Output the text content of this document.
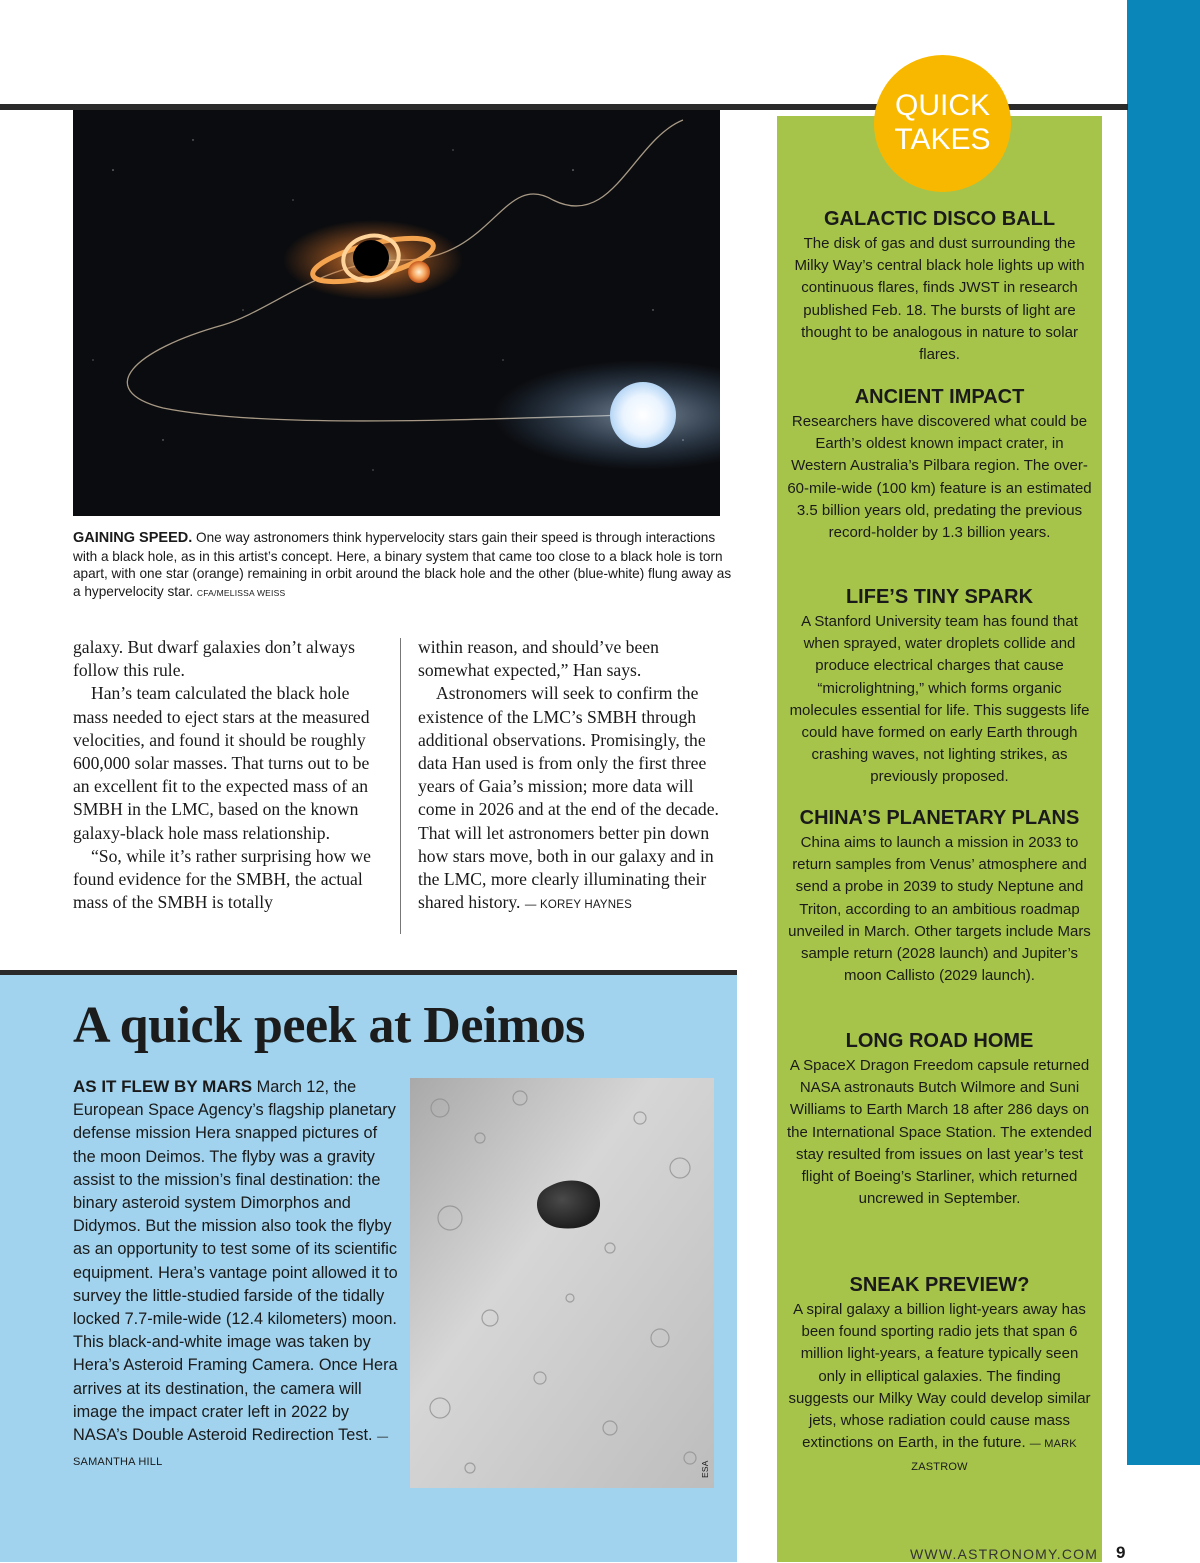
QUICK
TAKES
GALACTIC DISCO BALL

The disk of gas and dust surrounding the Milky Way’s central black hole lights up with continuous flares, finds JWST in research published Feb. 18. The bursts of light are thought to be analogous in nature to solar flares.

ANCIENT IMPACT

Researchers have discovered what could be Earth’s oldest known impact crater, in Western Australia’s Pilbara region. The over-60-mile-wide (100 km) feature is an estimated 3.5 billion years old, predating the previous record-holder by 1.3 billion years.

LIFE’S TINY SPARK

A Stanford University team has found that when sprayed, water droplets collide and produce electrical charges that cause “microlightning,” which forms organic molecules essential for life. This suggests life could have formed on early Earth through crashing waves, not lighting strikes, as previously proposed.

CHINA’S PLANETARY PLANS

China aims to launch a mission in 2033 to return samples from Venus’ atmosphere and send a probe in 2039 to study Neptune and Triton, according to an ambitious roadmap unveiled in March. Other targets include Mars sample return (2028 launch) and Jupiter’s moon Callisto (2029 launch).

LONG ROAD HOME

A SpaceX Dragon Freedom capsule returned NASA astronauts Butch Wilmore and Suni Williams to Earth March 18 after 286 days on the International Space Station. The extended stay resulted from issues on last year’s test flight of Boeing’s Starliner, which returned uncrewed in September.

SNEAK PREVIEW?

A spiral galaxy a billion light-years away has been found sporting radio jets that span 6 million light-years, a feature typically seen only in elliptical galaxies. The finding suggests our Milky Way could develop similar jets, whose radiation could cause mass extinctions on Earth, in the future. — MARK ZASTROW

GAINING SPEED. One way astronomers think hypervelocity stars gain their speed is through interactions with a black hole, as in this artist’s concept. Here, a binary system that came too close to a black hole is torn apart, with one star (orange) remaining in orbit around the black hole and the other (blue-white) flung away as a hypervelocity star. CFA/MELISSA WEISS

galaxy. But dwarf galaxies don’t always follow this rule.

Han’s team calculated the black hole mass needed to eject stars at the measured velocities, and found it should be roughly 600,000 solar masses. That turns out to be an excellent fit to the expected mass of an SMBH in the LMC, based on the known galaxy-black hole mass relationship.

“So, while it’s rather surprising how we found evidence for the SMBH, the actual mass of the SMBH is totally

within reason, and should’ve been somewhat expected,” Han says.

Astronomers will seek to confirm the existence of the LMC’s SMBH through additional observations. Promisingly, the data Han used is from only the first three years of Gaia’s mission; more data will come in 2026 and at the end of the decade. That will let astronomers better pin down how stars move, both in our galaxy and in the LMC, more clearly illuminating their shared history. — KOREY HAYNES

A quick peek at Deimos
AS IT FLEW BY MARS March 12, the European Space Agency’s flagship planetary defense mission Hera snapped pictures of the moon Deimos. The flyby was a gravity assist to the mission’s final destination: the binary asteroid system Dimorphos and Didymos. But the mission also took the flyby as an opportunity to test some of its scientific equipment. Hera’s vantage point allowed it to survey the little-studied farside of the tidally locked 7.7-mile-wide (12.4 kilometers) moon. This black-and-white image was taken by Hera’s Asteroid Framing Camera. Once Hera arrives at its destination, the camera will image the impact crater left in 2022 by NASA’s Double Asteroid Redirection Test. — SAMANTHA HILL	ESA
WWW.ASTRONOMY.COM 9
